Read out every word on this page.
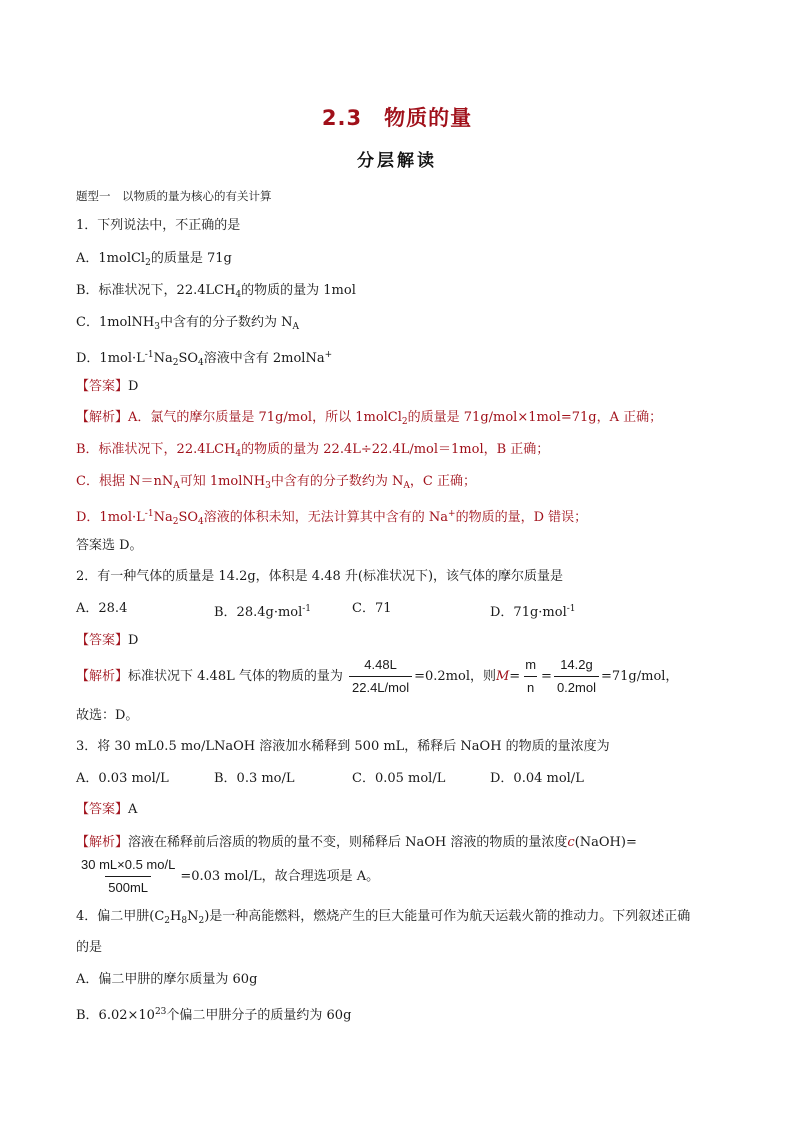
2.3 物质的量
分层解读
题型一　以物质的量为核心的有关计算
1．下列说法中，不正确的是
A．1molCl$_2$的质量是 71g
B．标准状况下，$22.4LCH_4$的物质的量为 1mol
C．1molNH$_3$中含有的分子数约为 $N_A$
D．$1mol\cdot L^{-1}Na_2SO_4$溶液中含有 2molNa+
【答案】D
【解析】A．氯气的摩尔质量是 71g/mol，所以 1molCl$_2$的质量是 71g/mol×1mol=71g，A 正确；
B．标准状况下，$22.4LCH_4$的物质的量为 22.4L÷22.4L/mol＝1mol，B 正确；
C．根据 $N=nN_A$可知 1molNH$_3$中含有的分子数约为 $N_A$，C 正确；
D．$1mol\cdot L^{-1}Na_2SO_4$溶液的体积未知，无法计算其中含有的 Na+的物质的量，D 错误；
答案选 D。
2．有一种气体的质量是 14.2g，体积是 4.48 升(标准状况下)，该气体的摩尔质量是
A．28.4	B．28.4g·mol$^{-1}$	C．71	D．71g·mol$^{-1}$
【答案】D
【解析】标准状况下 4.48L 气体的物质的量为 $\frac{4.48L}{\text{22.4L/mol}} =0.2mol$，则$M= \frac{m}{n} = \frac{14.2g}{\text{0.2mol}} =71g/mol$，
故选：D。
3．将 30 mL0.5 mo/LNaOH 溶液加水稀释到 500 mL，稀释后 NaOH 的物质的量浓度为
A．0.03 mol/L	B．0.3 mo/L	C．0.05 mol/L	D．0.04 mol/L
【答案】A
【解析】溶液在稀释前后溶质的物质的量不变，则稀释后 NaOH 溶液的物质的量浓度c(NaOH)=
$\frac{30 mL\times 0.5 mo/L}{500mL} =0.03$ mol/L，故合理选项是 A。
4．偏二甲肼$(C_2H_8N_2)$是一种高能燃料，燃烧产生的巨大能量可作为航天运载火箭的推动力。下列叙述正确
的是
A．偏二甲肼的摩尔质量为 60g
B．$6.02\times 10^{23}$个偏二甲肼分子的质量约为 60g
